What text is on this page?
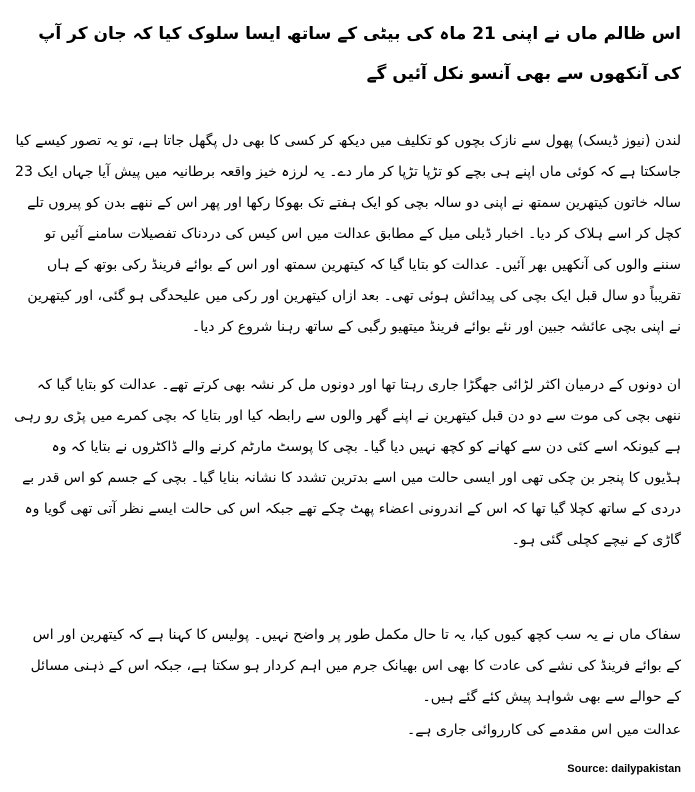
اس ظالم ماں نے اپنی 21 ماہ کی بیٹی کے ساتھ ایسا سلوک کیا کہ جان کر آپ کی آنکھوں سے بھی آنسو نکل آئیں گے
لندن (نیوز ڈیسک) پھول سے نازک بچوں کو تکلیف میں دیکھ کر کسی کا بھی دل پگھل جاتا ہے، تو یہ تصور کیسے کیا جاسکتا ہے کہ کوئی ماں اپنے ہی بچے کو تڑپا تڑپا کر مار دے۔ یہ لرزہ خیز واقعہ برطانیہ میں پیش آیا جہاں ایک 23 سالہ خاتون کیتھرین سمتھ نے اپنی دو سالہ بچی کو ایک ہفتے تک بھوکا رکھا اور پھر اس کے ننھے بدن کو پیروں تلے کچل کر اسے ہلاک کر دیا۔ اخبار ڈیلی میل کے مطابق عدالت میں اس کیس کی دردناک تفصیلات سامنے آئیں تو سننے والوں کی آنکھیں بھر آئیں۔ عدالت کو بتایا گیا کہ کیتھرین سمتھ اور اس کے بوائے فرینڈ رکی بوتھ کے ہاں تقریباً دو سال قبل ایک بچی کی پیدائش ہوئی تھی۔ بعد ازاں کیتھرین اور رکی میں علیحدگی ہو گئی، اور کیتھرین نے اپنی بچی عائشہ جبین اور نئے بوائے فرینڈ میتھیو رگبی کے ساتھ رہنا شروع کر دیا۔
ان دونوں کے درمیان اکثر لڑائی جھگڑا جاری رہتا تھا اور دونوں مل کر نشہ بھی کرتے تھے۔ عدالت کو بتایا گیا کہ ننھی بچی کی موت سے دو دن قبل کیتھرین نے اپنے گھر والوں سے رابطہ کیا اور بتایا کہ بچی کمرے میں پڑی رو رہی ہے کیونکہ اسے کئی دن سے کھانے کو کچھ نہیں دیا گیا۔ بچی کا پوسٹ مارٹم کرنے والے ڈاکٹروں نے بتایا کہ وہ ہڈیوں کا پنجر بن چکی تھی اور ایسی حالت میں اسے بدترین تشدد کا نشانہ بنایا گیا۔ بچی کے جسم کو اس قدر بے دردی کے ساتھ کچلا گیا تھا کہ اس کے اندرونی اعضاء پھٹ چکے تھے جبکہ اس کی حالت ایسے نظر آتی تھی گویا وہ گاڑی کے نیچے کچلی گئی ہو۔
سفاک ماں نے یہ سب کچھ کیوں کیا، یہ تا حال مکمل طور پر واضح نہیں۔ پولیس کا کہنا ہے کہ کیتھرین اور اس کے بوائے فرینڈ کی نشے کی عادت کا بھی اس بھیانک جرم میں اہم کردار ہو سکتا ہے، جبکہ اس کے ذہنی مسائل کے حوالے سے بھی شواہد پیش کئے گئے ہیں۔
عدالت میں اس مقدمے کی کارروائی جاری ہے۔
Source: dailypakistan
